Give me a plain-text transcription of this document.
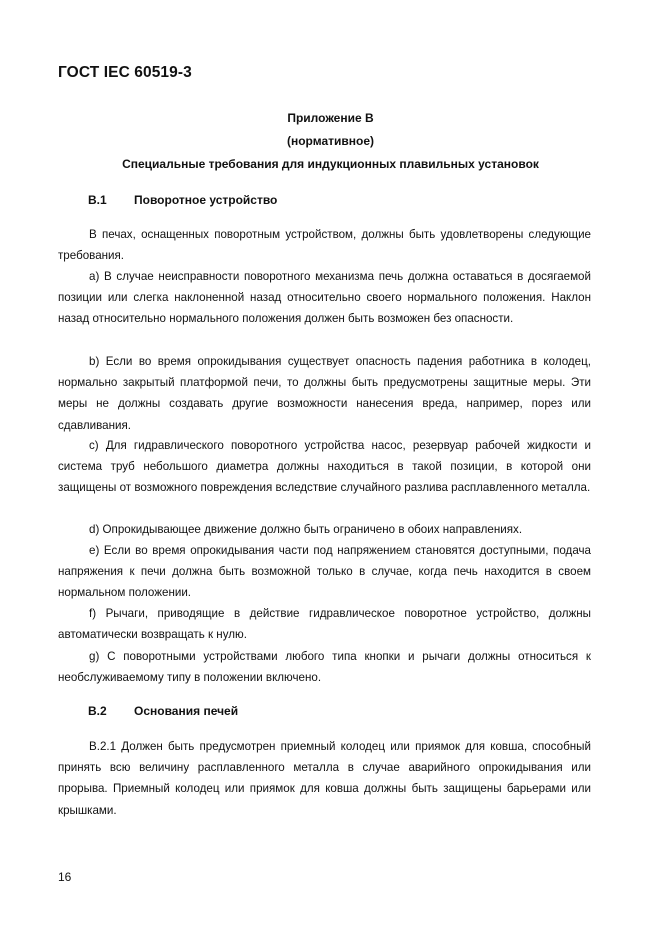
ГОСТ IEC 60519-3
Приложение В
(нормативное)
Специальные требования для индукционных плавильных установок
В.1 Поворотное устройство

В печах, оснащенных поворотным устройством, должны быть удовлетворены следующие требования.

a) В случае неисправности поворотного механизма печь должна оставаться в досягаемой позиции или слегка наклоненной назад относительно своего нормального положения. Наклон назад относительно нормального положения должен быть возможен без опасности.

b) Если во время опрокидывания существует опасность падения работника в колодец, нормально закрытый платформой печи, то должны быть предусмотрены защитные меры. Эти меры не должны создавать другие возможности нанесения вреда, например, порез или сдавливания.

c) Для гидравлического поворотного устройства насос, резервуар рабочей жидкости и система труб небольшого диаметра должны находиться в такой позиции, в которой они защищены от возможного повреждения вследствие случайного разлива расплавленного металла.

d) Опрокидывающее движение должно быть ограничено в обоих направлениях.

e) Если во время опрокидывания части под напряжением становятся доступными, подача напряжения к печи должна быть возможной только в случае, когда печь находится в своем нормальном положении.

f) Рычаги, приводящие в действие гидравлическое поворотное устройство, должны автоматически возвращать к нулю.

g) С поворотными устройствами любого типа кнопки и рычаги должны относиться к необслуживаемому типу в положении включено.

В.2 Основания печей

В.2.1 Должен быть предусмотрен приемный колодец или приямок для ковша, способный принять всю величину расплавленного металла в случае аварийного опрокидывания или прорыва. Приемный колодец или приямок для ковша должны быть защищены барьерами или крышками.

16
